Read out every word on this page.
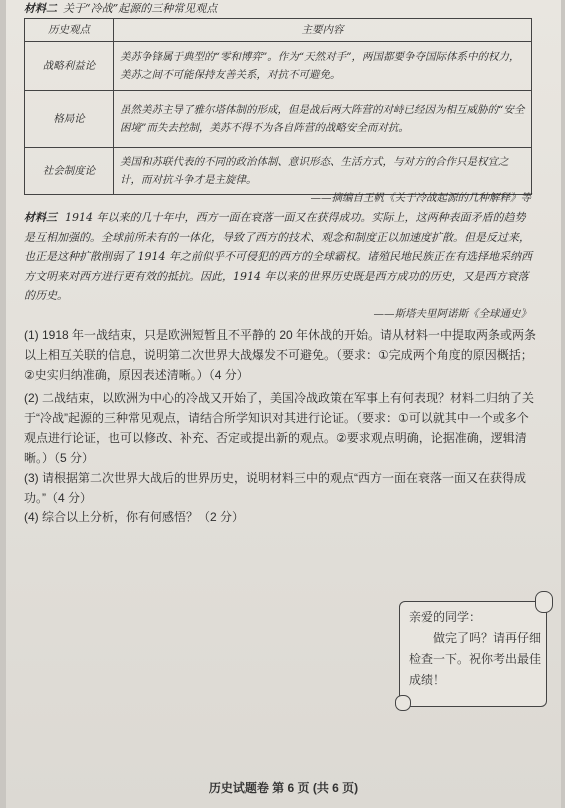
材料二 关于“冷战”起源的三种常见观点
历史观点	主要内容
战略利益论	美苏争锋属于典型的“零和博弈”。作为“天然对手”，两国都要争夺国际体系中的权力，美苏之间不可能保持友善关系，对抗不可避免。
格局论	虽然美苏主导了雅尔塔体制的形成，但是战后两大阵营的对峙已经因为相互威胁的“安全困境”而失去控制，美苏不得不为各自阵营的战略安全而对抗。
社会制度论	美国和苏联代表的不同的政治体制、意识形态、生活方式，与对方的合作只是权宜之计，而对抗斗争才是主旋律。
——摘编自王帆《关于冷战起源的几种解释》等
材料三 1914 年以来的几十年中，西方一面在衰落一面又在获得成功。实际上，这两种表面矛盾的趋势是互相加强的。全球前所未有的一体化，导致了西方的技术、观念和制度正以加速度扩散。但是反过来，也正是这种扩散削弱了 1914 年之前似乎不可侵犯的西方的全球霸权。诸殖民地民族正在有选择地采纳西方文明来对西方进行更有效的抵抗。因此，1914 年以来的世界历史既是西方成功的历史，又是西方衰落的历史。
——斯塔夫里阿诺斯《全球通史》
(1) 1918 年一战结束，只是欧洲短暂且不平静的 20 年休战的开始。请从材料一中提取两条或两条以上相互关联的信息，说明第二次世界大战爆发不可避免。（要求：①完成两个角度的原因概括；②史实归纳准确，原因表述清晰。）（4 分）
(2) 二战结束，以欧洲为中心的冷战又开始了，美国冷战政策在军事上有何表现？材料二归纳了关于“冷战”起源的三种常见观点，请结合所学知识对其进行论证。（要求：①可以就其中一个或多个观点进行论证，也可以修改、补充、否定或提出新的观点。②要求观点明确，论据准确，逻辑清晰。）（5 分）
(3) 请根据第二次世界大战后的世界历史，说明材料三中的观点“西方一面在衰落一面又在获得成功。”（4 分）
(4) 综合以上分析，你有何感悟？（2 分）
亲爱的同学：
做完了吗？请再仔细检查一下。祝你考出最佳成绩！
历史试题卷 第 6 页 (共 6 页)
